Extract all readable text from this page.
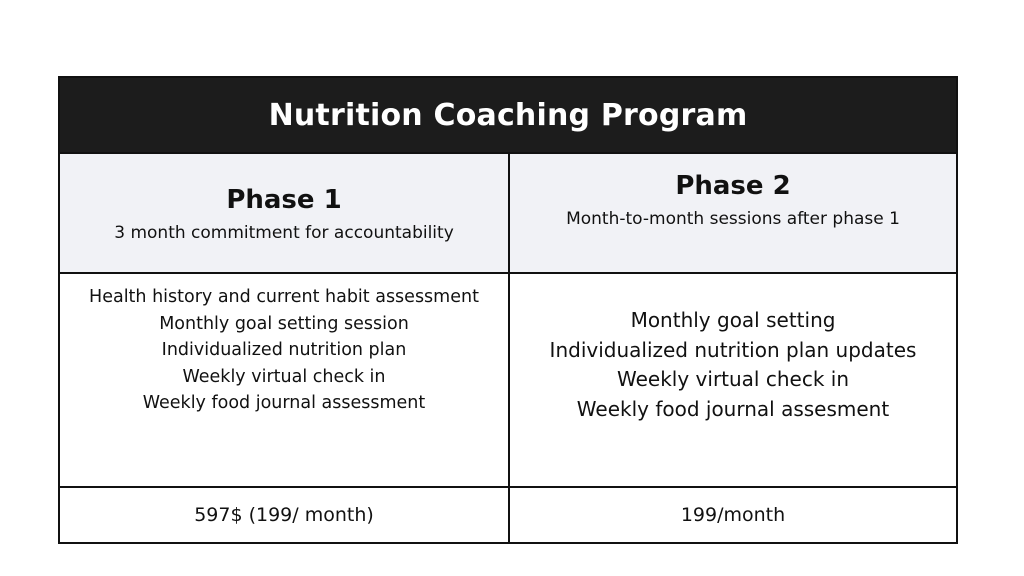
Nutrition Coaching Program
Phase 1
3 month commitment for accountability
Phase 2
Month-to-month sessions after phase 1
Health history and current habit assessment
Monthly goal setting session
Individualized nutrition plan
Weekly virtual check in
Weekly food journal assessment
Monthly goal setting
Individualized nutrition plan updates
Weekly virtual check in
Weekly food journal assesment
597$ (199/ month)	199/month
